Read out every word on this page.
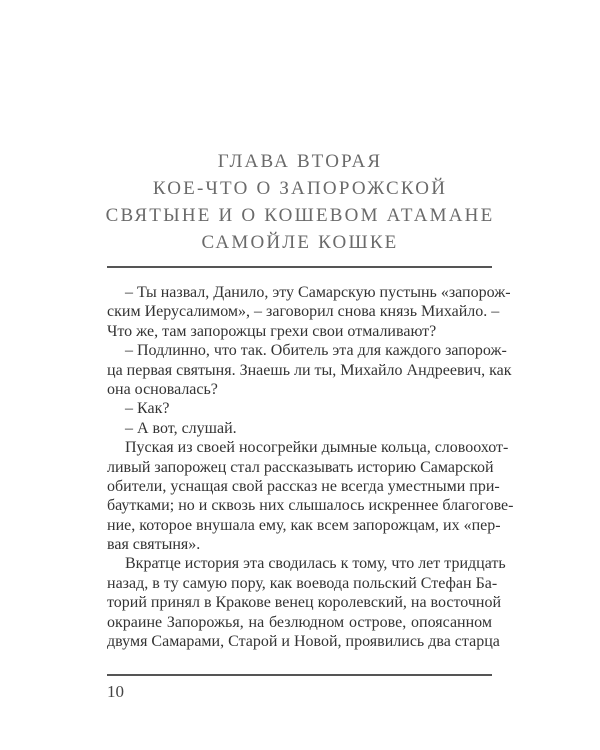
ГЛАВА ВТОРАЯ
КОЕ-ЧТО О ЗАПОРОЖСКОЙ
СВЯТЫНЕ И О КОШЕВОМ АТАМАНЕ
САМОЙЛЕ КОШКЕ
– Ты назвал, Данило, эту Самарскую пустынь «запорож-
ским Иерусалимом», – заговорил снова князь Михайло. –
Что же, там запорожцы грехи свои отмаливают?
– Подлинно, что так. Обитель эта для каждого запорож-
ца первая святыня. Знаешь ли ты, Михайло Андреевич, как
она основалась?
– Как?
– А вот, слушай.
Пуская из своей носогрейки дымные кольца, словоохот-
ливый запорожец стал рассказывать историю Самарской
обители, уснащая свой рассказ не всегда уместными при-
баутками; но и сквозь них слышалось искреннее благогове-
ние, которое внушала ему, как всем запорожцам, их «пер-
вая святыня».
Вкратце история эта сводилась к тому, что лет тридцать
назад, в ту самую пору, как воевода польский Стефан Ба-
торий принял в Кракове венец королевский, на восточной
окраине Запорожья, на безлюдном острове, опоясанном
двумя Самарами, Старой и Новой, проявились два старца
10
